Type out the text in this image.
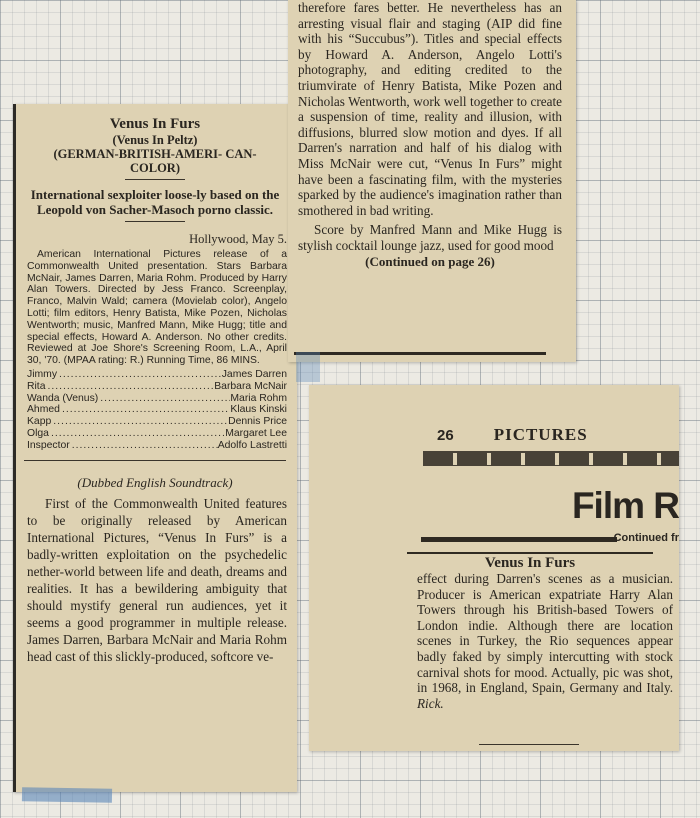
Venus In Furs
(Venus In Peltz)
(GERMAN-BRITISH-AMERI- CAN-COLOR)
International sexploiter loose-ly based on the Leopold von Sacher-Masoch porno classic.
Hollywood, May 5.
American International Pictures release of a Commonwealth United presentation. Stars Barbara McNair, James Darren, Maria Rohm. Produced by Harry Alan Towers. Directed by Jess Franco. Screenplay, Franco, Malvin Wald; camera (Movielab color), Angelo Lotti; film editors, Henry Batista, Mike Pozen, Nicholas Wentworth; music, Manfred Mann, Mike Hugg; title and special effects, Howard A. Anderson. No other credits. Reviewed at Joe Shore's Screening Room, L.A., April 30, '70. (MPAA rating: R.) Running Time, 86 MINS.
Jimmy .....	James Darren
Rita .....	Barbara McNair
Wanda (Venus) .....	Maria Rohm
Ahmed .....	Klaus Kinski
Kapp .....	Dennis Price
Olga .....	Margaret Lee
Inspector .....	Adolfo Lastretti
(Dubbed English Soundtrack)
First of the Commonwealth United features to be originally released by American International Pictures, “Venus In Furs” is a badly-written exploitation on the psychedelic nether-world between life and death, dreams and realities. It has a bewildering ambiguity that should mystify general run audiences, yet it seems a good programmer in multiple release. James Darren, Barbara McNair and Maria Rohm head cast of this slickly-produced, softcore ve-
therefore fares better. He nevertheless has an arresting visual flair and staging (AIP did fine with his “Succubus”). Titles and special effects by Howard A. Anderson, Angelo Lotti's photography, and editing credited to the triumvirate of Henry Batista, Mike Pozen and Nicholas Wentworth, work well together to create a suspension of time, reality and illusion, with diffusions, blurred slow motion and dyes. If all Darren's narration and half of his dialog with Miss McNair were cut, “Venus In Furs” might have been a fascinating film, with the mysteries sparked by the audience's imagination rather than smothered in bad writing.
Score by Manfred Mann and Mike Hugg is stylish cocktail lounge jazz, used for good mood
(Continued on page 26)
26 PICTURES
Film R
Continued fr
Venus In Furs
effect during Darren's scenes as a musician. Producer is American expatriate Harry Alan Towers through his British-based Towers of London indie. Although there are location scenes in Turkey, the Rio sequences appear badly faked by simply intercutting with stock carnival shots for mood. Actually, pic was shot, in 1968, in England, Spain, Germany and Italy. Rick.
